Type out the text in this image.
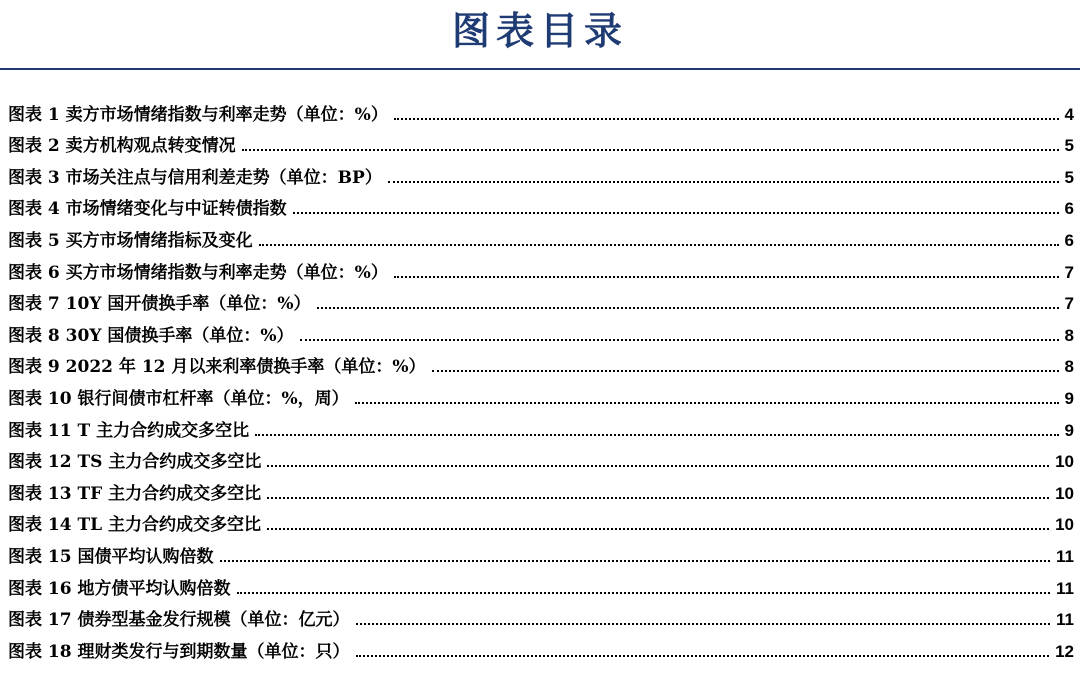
图表目录
图表 1 卖方市场情绪指数与利率走势（单位：%）	4
图表 2 卖方机构观点转变情况	5
图表 3 市场关注点与信用利差走势（单位：BP）	5
图表 4 市场情绪变化与中证转债指数	6
图表 5 买方市场情绪指标及变化	6
图表 6 买方市场情绪指数与利率走势（单位：%）	7
图表 7 10Y 国开债换手率（单位：%）	7
图表 8 30Y 国债换手率（单位：%）	8
图表 9 2022 年 12 月以来利率债换手率（单位：%）	8
图表 10 银行间债市杠杆率（单位：%，周）	9
图表 11 T 主力合约成交多空比	9
图表 12 TS 主力合约成交多空比	10
图表 13 TF 主力合约成交多空比	10
图表 14 TL 主力合约成交多空比	10
图表 15 国债平均认购倍数	11
图表 16 地方债平均认购倍数	11
图表 17 债券型基金发行规模（单位：亿元）	11
图表 18 理财类发行与到期数量（单位：只）	12
